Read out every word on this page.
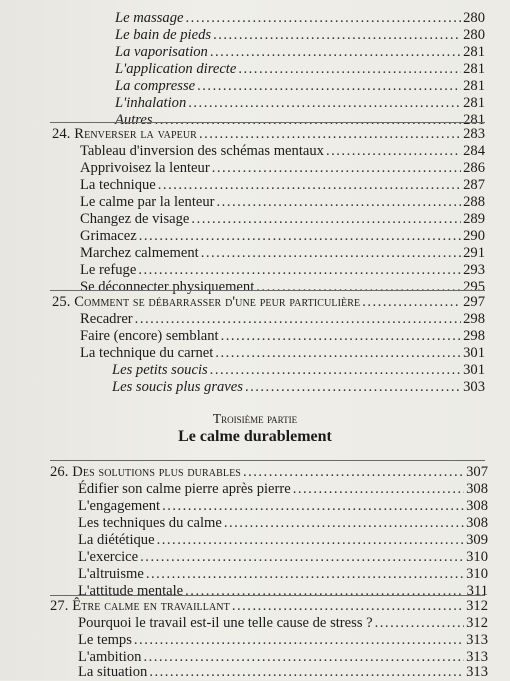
Le massage .....	280
Le bain de pieds .....	280
La vaporisation .....	281
L'application directe .....	281
La compresse .....	281
L'inhalation .....	281
Autres .....	281
24. Renverser la vapeur .....	283
Tableau d'inversion des schémas mentaux .....	284
Apprivoisez la lenteur .....	286
La technique .....	287
Le calme par la lenteur .....	288
Changez de visage .....	289
Grimacez .....	290
Marchez calmement .....	291
Le refuge .....	293
Se déconnecter physiquement .....	295
25. Comment se débarrasser d'une peur particulière .....	297
Recadrer .....	298
Faire (encore) semblant .....	298
La technique du carnet .....	301
Les petits soucis .....	301
Les soucis plus graves .....	303
Troisième partie
Le calme durablement
26. Des solutions plus durables .....	307
Édifier son calme pierre après pierre .....	308
L'engagement .....	308
Les techniques du calme .....	308
La diététique .....	309
L'exercice .....	310
L'altruisme .....	310
L'attitude mentale .....	311
27. Être calme en travaillant .....	312
Pourquoi le travail est-il une telle cause de stress ? .....	312
Le temps .....	313
L'ambition .....	313
La situation .....	313
